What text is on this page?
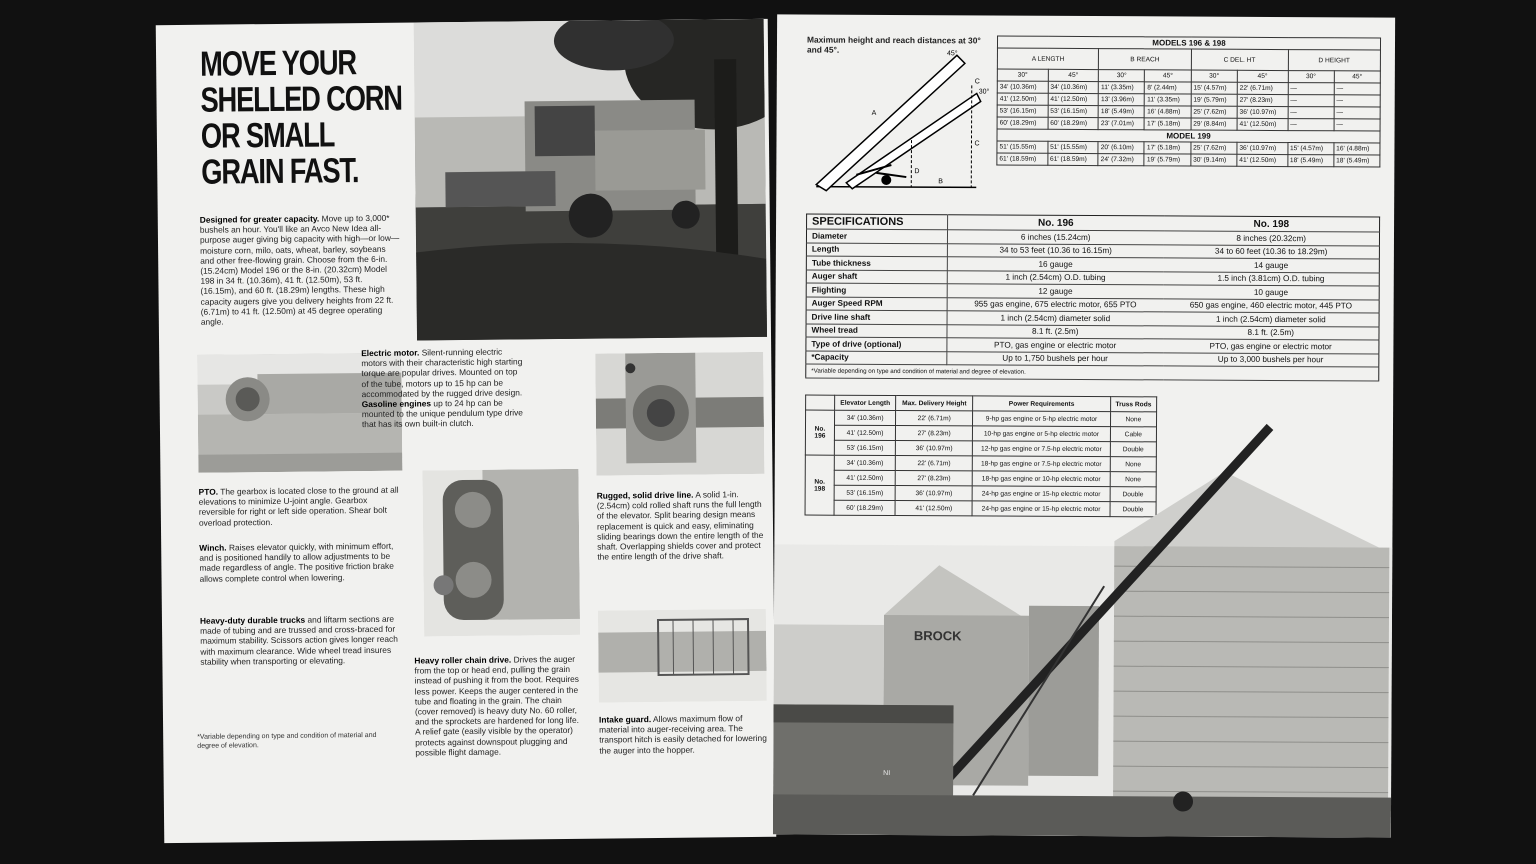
MOVE YOUR
SHELLED CORN
OR SMALL
GRAIN FAST.
Designed for greater capacity. Move up to 3,000* bushels an hour. You'll like an Avco New Idea all-purpose auger giving big capacity with high—or low—moisture corn, milo, oats, wheat, barley, soybeans and other free-flowing grain. Choose from the 6-in. (15.24cm) Model 196 or the 8-in. (20.32cm) Model 198 in 34 ft. (10.36m), 41 ft. (12.50m), 53 ft. (16.15m), and 60 ft. (18.29m) lengths. These high capacity augers give you delivery heights from 22 ft. (6.71m) to 41 ft. (12.50m) at 45 degree operating angle.
Electric motor. Silent-running electric motors with their characteristic high starting torque are popular drives. Mounted on top of the tube, motors up to 15 hp can be accommodated by the rugged drive design.
Gasoline engines up to 24 hp can be mounted to the unique pendulum type drive that has its own built-in clutch.
PTO. The gearbox is located close to the ground at all elevations to minimize U-joint angle. Gearbox reversible for right or left side operation. Shear bolt overload protection.
Winch. Raises elevator quickly, with minimum effort, and is positioned handily to allow adjustments to be made regardless of angle. The positive friction brake allows complete control when lowering.
Heavy-duty durable trucks and liftarm sections are made of tubing and are trussed and cross-braced for maximum stability. Scissors action gives longer reach with maximum clearance. Wide wheel tread insures stability when transporting or elevating.
Rugged, solid drive line. A solid 1-in. (2.54cm) cold rolled shaft runs the full length of the elevator. Split bearing design means replacement is quick and easy, eliminating sliding bearings down the entire length of the shaft. Overlapping shields cover and protect the entire length of the drive shaft.
Heavy roller chain drive. Drives the auger from the top or head end, pulling the grain instead of pushing it from the boot. Requires less power. Keeps the auger centered in the tube and floating in the grain. The chain (cover removed) is heavy duty No. 60 roller, and the sprockets are hardened for long life. A relief gate (easily visible by the operator) protects against downspout plugging and possible flight damage.
Intake guard. Allows maximum flow of material into auger-receiving area. The transport hitch is easily detached for lowering the auger into the hopper.
*Variable depending on type and condition of material and degree of elevation.
Maximum height and reach distances at 30° and 45°.	45°
30°
A
B
C
C
D
MODELS 196 & 198							
A LENGTH		B REACH		C DEL. HT		D HEIGHT	
30°	45°	30°	45°	30°	45°	30°	45°
34' (10.36m)	34' (10.36m)	11' (3.35m)	8' (2.44m)	15' (4.57m)	22' (6.71m)	—	—
41' (12.50m)	41' (12.50m)	13' (3.96m)	11' (3.35m)	19' (5.79m)	27' (8.23m)	—	—
53' (16.15m)	53' (16.15m)	18' (5.49m)	16' (4.88m)	25' (7.62m)	36' (10.97m)	—	—
60' (18.29m)	60' (18.29m)	23' (7.01m)	17' (5.18m)	29' (8.84m)	41' (12.50m)	—	—
MODEL 199							
51' (15.55m)	51' (15.55m)	20' (6.10m)	17' (5.18m)	25' (7.62m)	36' (10.97m)	15' (4.57m)	16' (4.88m)
61' (18.59m)	61' (18.59m)	24' (7.32m)	19' (5.79m)	30' (9.14m)	41' (12.50m)	18' (5.49m)	18' (5.49m)
SPECIFICATIONS	No. 196	No. 198
Diameter	6 inches (15.24cm)	8 inches (20.32cm)
Length	34 to 53 feet (10.36 to 16.15m)	34 to 60 feet (10.36 to 18.29m)
Tube thickness	16 gauge	14 gauge
Auger shaft	1 inch (2.54cm) O.D. tubing	1.5 inch (3.81cm) O.D. tubing
Flighting	12 gauge	10 gauge
Auger Speed RPM	955 gas engine, 675 electric motor, 655 PTO	650 gas engine, 460 electric motor, 445 PTO
Drive line shaft	1 inch (2.54cm) diameter solid	1 inch (2.54cm) diameter solid
Wheel tread	8.1 ft. (2.5m)	8.1 ft. (2.5m)
Type of drive (optional)	PTO, gas engine or electric motor	PTO, gas engine or electric motor
*Capacity	Up to 1,750 bushels per hour	Up to 3,000 bushels per hour
*Variable depending on type and condition of material and degree of elevation.		
	Elevator Length	Max. Delivery Height	Power Requirements	Truss Rods
No. 196	34' (10.36m)	22' (6.71m)	9-hp gas engine or 5-hp electric motor	None
	41' (12.50m)	27' (8.23m)	10-hp gas engine or 5-hp electric motor	Cable
	53' (16.15m)	36' (10.97m)	12-hp gas engine or 7.5-hp electric motor	Double
No. 198	34' (10.36m)	22' (6.71m)	18-hp gas engine or 7.5-hp electric motor	None
	41' (12.50m)	27' (8.23m)	18-hp gas engine or 10-hp electric motor	None
	53' (16.15m)	36' (10.97m)	24-hp gas engine or 15-hp electric motor	Double
	60' (18.29m)	41' (12.50m)	24-hp gas engine or 15-hp electric motor	Double
BROCK
NI
